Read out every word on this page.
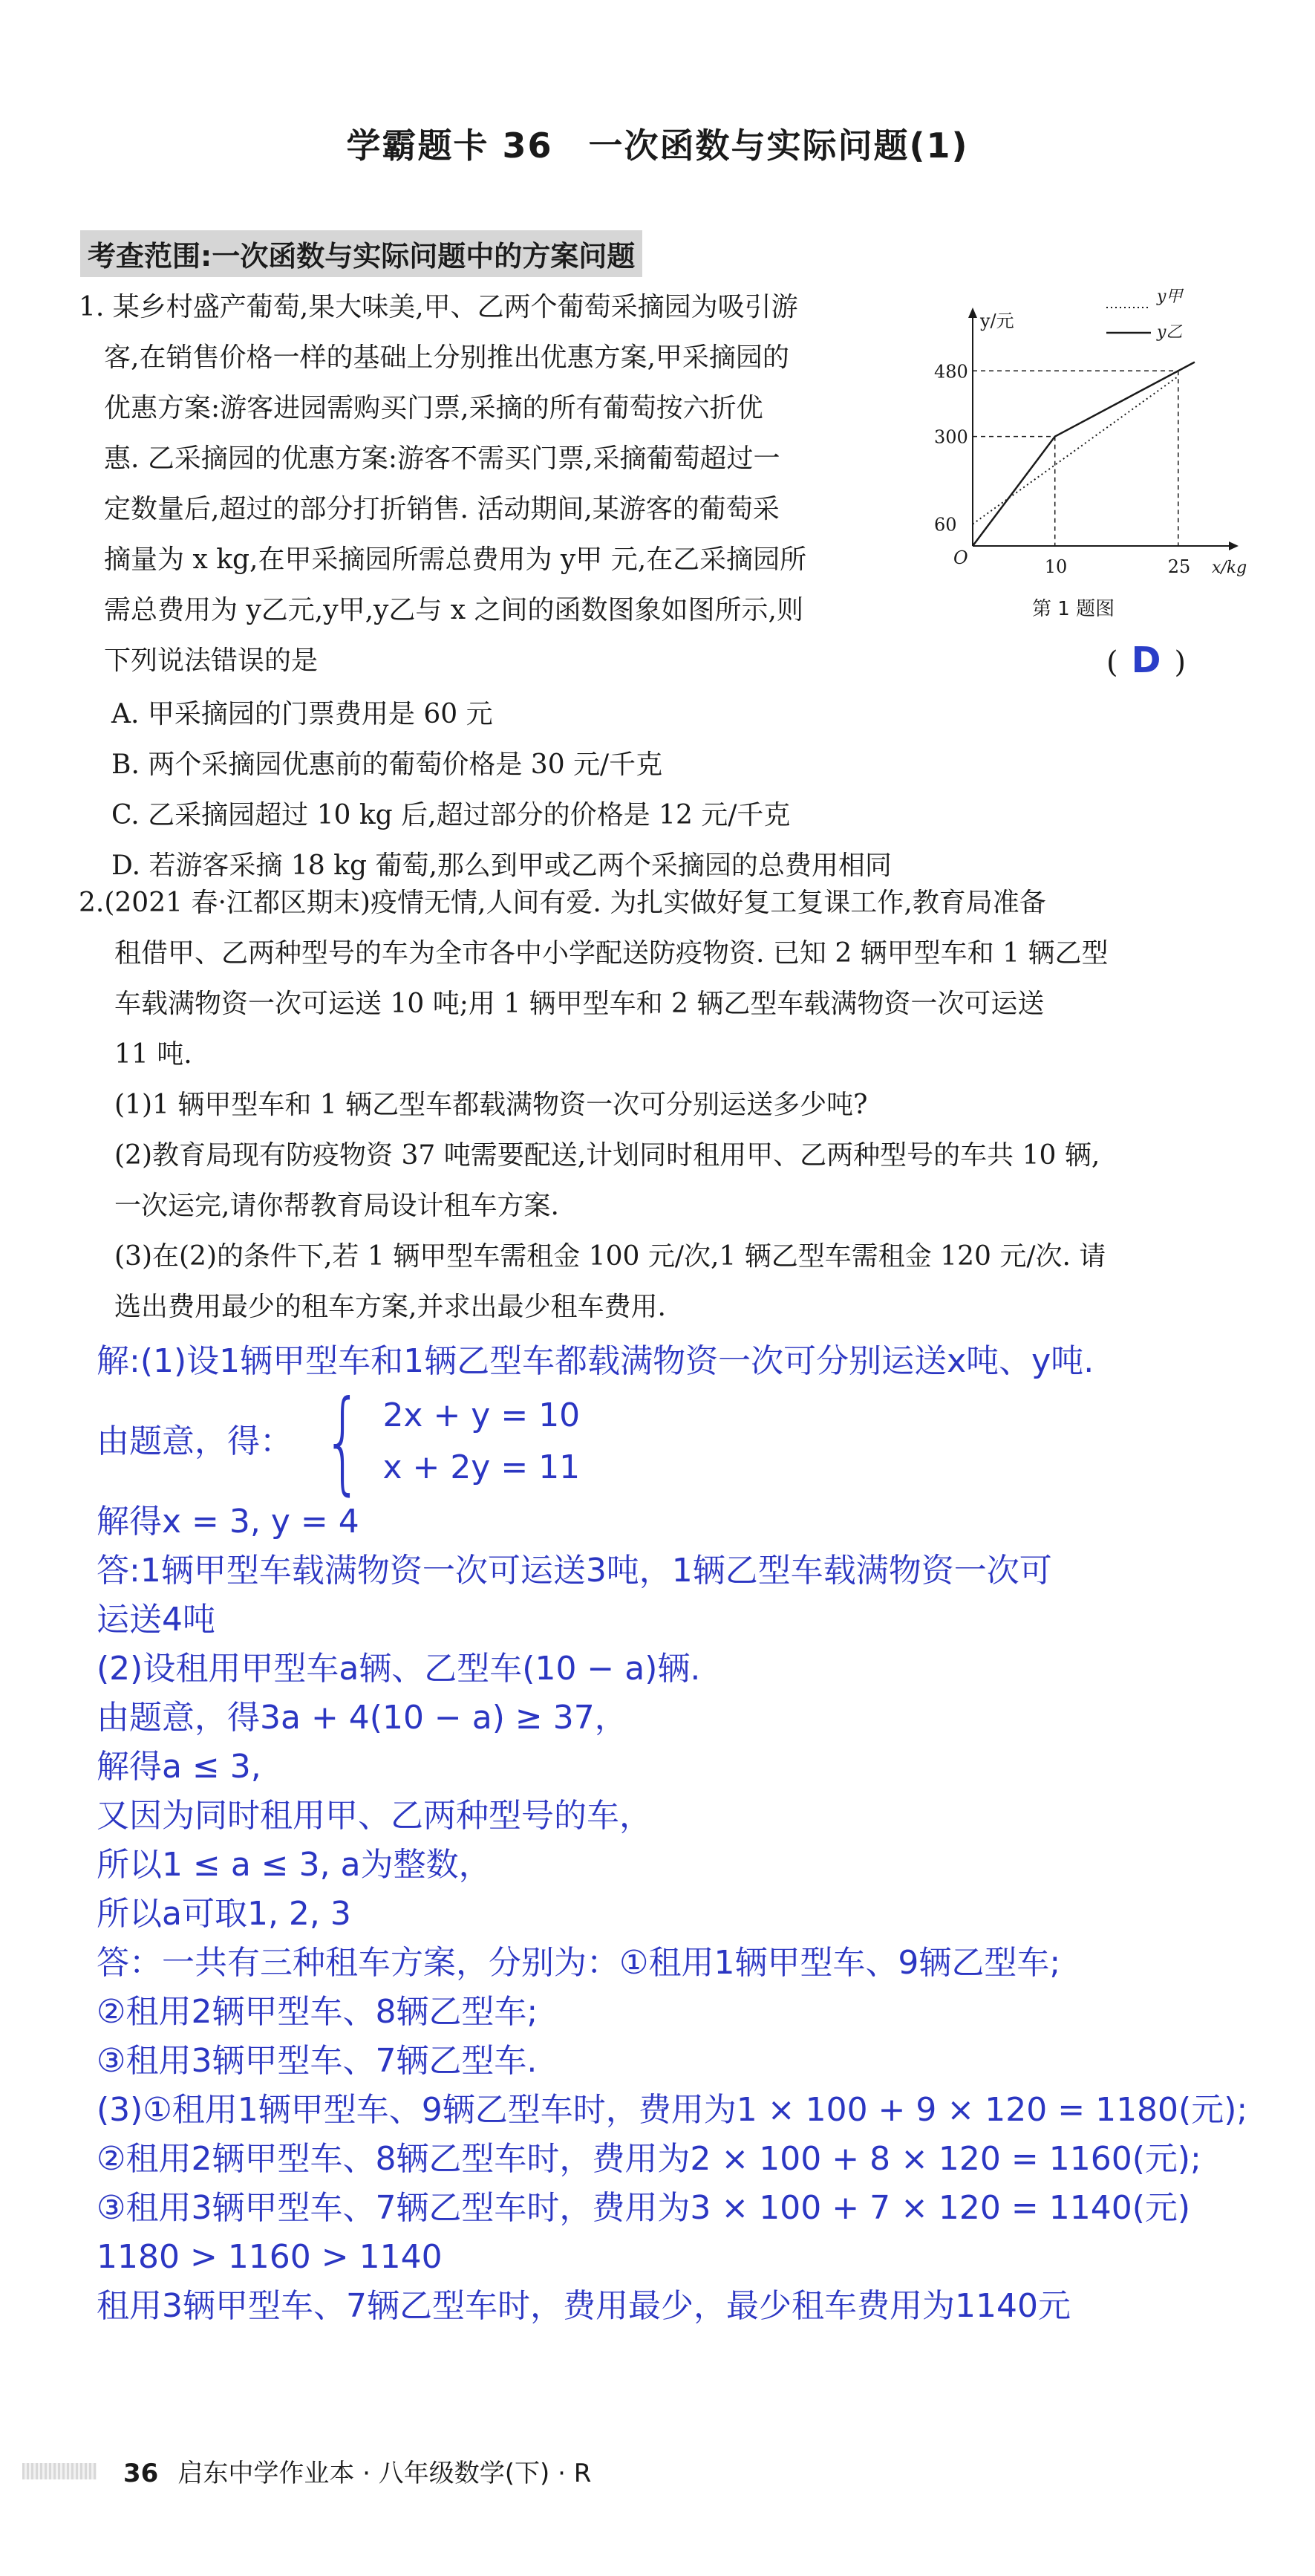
学霸题卡 36　一次函数与实际问题(1)
考查范围:一次函数与实际问题中的方案问题
1. 某乡村盛产葡萄,果大味美,甲、乙两个葡萄采摘园为吸引游
客,在销售价格一样的基础上分别推出优惠方案,甲采摘园的
优惠方案:游客进园需购买门票,采摘的所有葡萄按六折优
惠. 乙采摘园的优惠方案:游客不需买门票,采摘葡萄超过一
定数量后,超过的部分打折销售. 活动期间,某游客的葡萄采
摘量为 x kg,在甲采摘园所需总费用为 y甲 元,在乙采摘园所
需总费用为 y乙元,y甲,y乙与 x 之间的函数图象如图所示,则
下列说法错误的是	( D )
A. 甲采摘园的门票费用是 60 元
B. 两个采摘园优惠前的葡萄价格是 30 元/千克
C. 乙采摘园超过 10 kg 后,超过部分的价格是 12 元/千克
D. 若游客采摘 18 kg 葡萄,那么到甲或乙两个采摘园的总费用相同
y/元
x/kg
O
60
300
480
10	25
y甲
y乙
第 1 题图
2.(2021 春·江都区期末)疫情无情,人间有爱. 为扎实做好复工复课工作,教育局准备
租借甲、乙两种型号的车为全市各中小学配送防疫物资. 已知 2 辆甲型车和 1 辆乙型
车载满物资一次可运送 10 吨;用 1 辆甲型车和 2 辆乙型车载满物资一次可运送
11 吨.
(1)1 辆甲型车和 1 辆乙型车都载满物资一次可分别运送多少吨?
(2)教育局现有防疫物资 37 吨需要配送,计划同时租用甲、乙两种型号的车共 10 辆,
一次运完,请你帮教育局设计租车方案.
(3)在(2)的条件下,若 1 辆甲型车需租金 100 元/次,1 辆乙型车需租金 120 元/次. 请
选出费用最少的租车方案,并求出最少租车费用.
解:(1)设1辆甲型车和1辆乙型车都载满物资一次可分别运送x吨、y吨.
由题意，得： { 2x + y = 10
x + 2y = 11
解得x = 3, y = 4
答:1辆甲型车载满物资一次可运送3吨，1辆乙型车载满物资一次可
运送4吨
(2)设租用甲型车a辆、乙型车(10 − a)辆.
由题意，得3a + 4(10 − a) ≥ 37，
解得a ≤ 3,
又因为同时租用甲、乙两种型号的车，
所以1 ≤ a ≤ 3, a为整数，
所以a可取1, 2, 3
答：一共有三种租车方案，分别为：①租用1辆甲型车、9辆乙型车;
②租用2辆甲型车、8辆乙型车;
③租用3辆甲型车、7辆乙型车.
(3)①租用1辆甲型车、9辆乙型车时，费用为1 × 100 + 9 × 120 = 1180(元);
②租用2辆甲型车、8辆乙型车时，费用为2 × 100 + 8 × 120 = 1160(元);
③租用3辆甲型车、7辆乙型车时，费用为3 × 100 + 7 × 120 = 1140(元)
1180 > 1160 > 1140
租用3辆甲型车、7辆乙型车时，费用最少，最少租车费用为1140元
36 启东中学作业本 · 八年级数学(下) · R
